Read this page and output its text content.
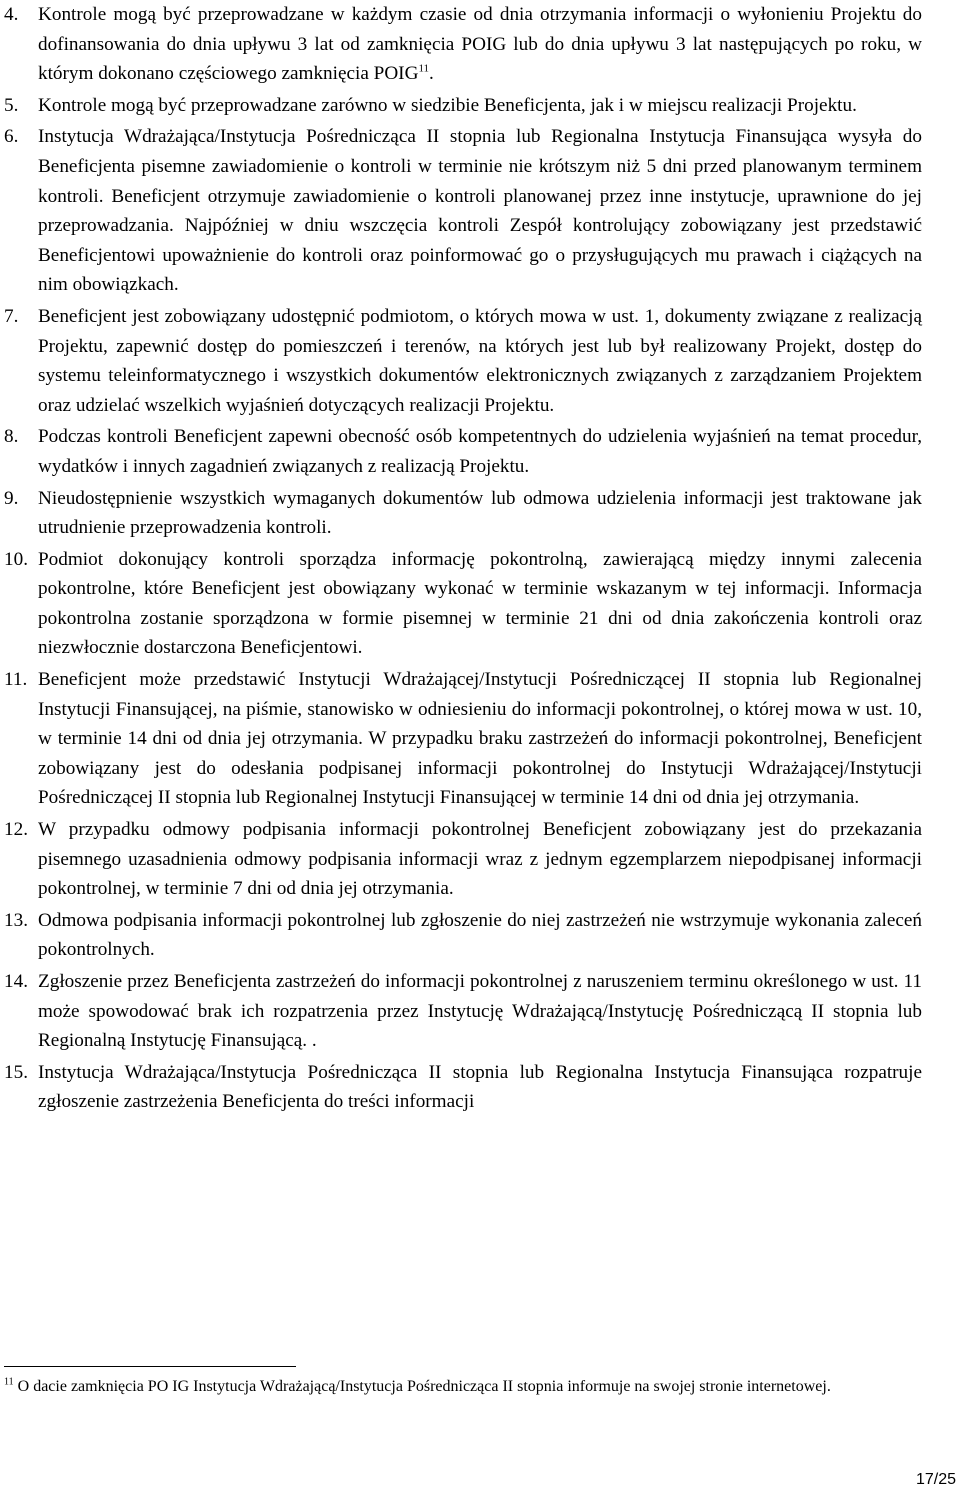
4. Kontrole mogą być przeprowadzane w każdym czasie od dnia otrzymania informacji o wyłonieniu Projektu do dofinansowania do dnia upływu 3 lat od zamknięcia POIG lub do dnia upływu 3 lat następujących po roku, w którym dokonano częściowego zamknięcia POIG$^{11}$.
5. Kontrole mogą być przeprowadzane zarówno w siedzibie Beneficjenta, jak i w miejscu realizacji Projektu.
6. Instytucja Wdrażająca/Instytucja Pośrednicząca II stopnia lub Regionalna Instytucja Finansująca wysyła do Beneficjenta pisemne zawiadomienie o kontroli w terminie nie krótszym niż 5 dni przed planowanym terminem kontroli. Beneficjent otrzymuje zawiadomienie o kontroli planowanej przez inne instytucje, uprawnione do jej przeprowadzania. Najpóźniej w dniu wszczęcia kontroli Zespół kontrolujący zobowiązany jest przedstawić Beneficjentowi upoważnienie do kontroli oraz poinformować go o przysługujących mu prawach i ciążących na nim obowiązkach.
7. Beneficjent jest zobowiązany udostępnić podmiotom, o których mowa w ust. 1, dokumenty związane z realizacją Projektu, zapewnić dostęp do pomieszczeń i terenów, na których jest lub był realizowany Projekt, dostęp do systemu teleinformatycznego i wszystkich dokumentów elektronicznych związanych z zarządzaniem Projektem oraz udzielać wszelkich wyjaśnień dotyczących realizacji Projektu.
8. Podczas kontroli Beneficjent zapewni obecność osób kompetentnych do udzielenia wyjaśnień na temat procedur, wydatków i innych zagadnień związanych z realizacją Projektu.
9. Nieudostępnienie wszystkich wymaganych dokumentów lub odmowa udzielenia informacji jest traktowane jak utrudnienie przeprowadzenia kontroli.
10. Podmiot dokonujący kontroli sporządza informację pokontrolną, zawierającą między innymi zalecenia pokontrolne, które Beneficjent jest obowiązany wykonać w terminie wskazanym w tej informacji. Informacja pokontrolna zostanie sporządzona w formie pisemnej w terminie 21 dni od dnia zakończenia kontroli oraz niezwłocznie dostarczona Beneficjentowi.
11. Beneficjent może przedstawić Instytucji Wdrażającej/Instytucji Pośredniczącej II stopnia lub Regionalnej Instytucji Finansującej, na piśmie, stanowisko w odniesieniu do informacji pokontrolnej, o której mowa w ust. 10, w terminie 14 dni od dnia jej otrzymania. W przypadku braku zastrzeżeń do informacji pokontrolnej, Beneficjent zobowiązany jest do odesłania podpisanej informacji pokontrolnej do Instytucji Wdrażającej/Instytucji Pośredniczącej II stopnia lub Regionalnej Instytucji Finansującej w terminie 14 dni od dnia jej otrzymania.
12. W przypadku odmowy podpisania informacji pokontrolnej Beneficjent zobowiązany jest do przekazania pisemnego uzasadnienia odmowy podpisania informacji wraz z jednym egzemplarzem niepodpisanej informacji pokontrolnej, w terminie 7 dni od dnia jej otrzymania.
13. Odmowa podpisania informacji pokontrolnej lub zgłoszenie do niej zastrzeżeń nie wstrzymuje wykonania zaleceń pokontrolnych.
14. Zgłoszenie przez Beneficjenta zastrzeżeń do informacji pokontrolnej z naruszeniem terminu określonego w ust. 11 może spowodować brak ich rozpatrzenia przez Instytucję Wdrażającą/Instytucję Pośredniczącą II stopnia lub Regionalną Instytucję Finansującą. .
15. Instytucja Wdrażająca/Instytucja Pośrednicząca II stopnia lub Regionalna Instytucja Finansująca rozpatruje zgłoszenie zastrzeżenia Beneficjenta do treści informacji
$^{11}$ O dacie zamknięcia PO IG Instytucja Wdrażającą/Instytucja Pośrednicząca II stopnia informuje na swojej stronie internetowej.
17/25
